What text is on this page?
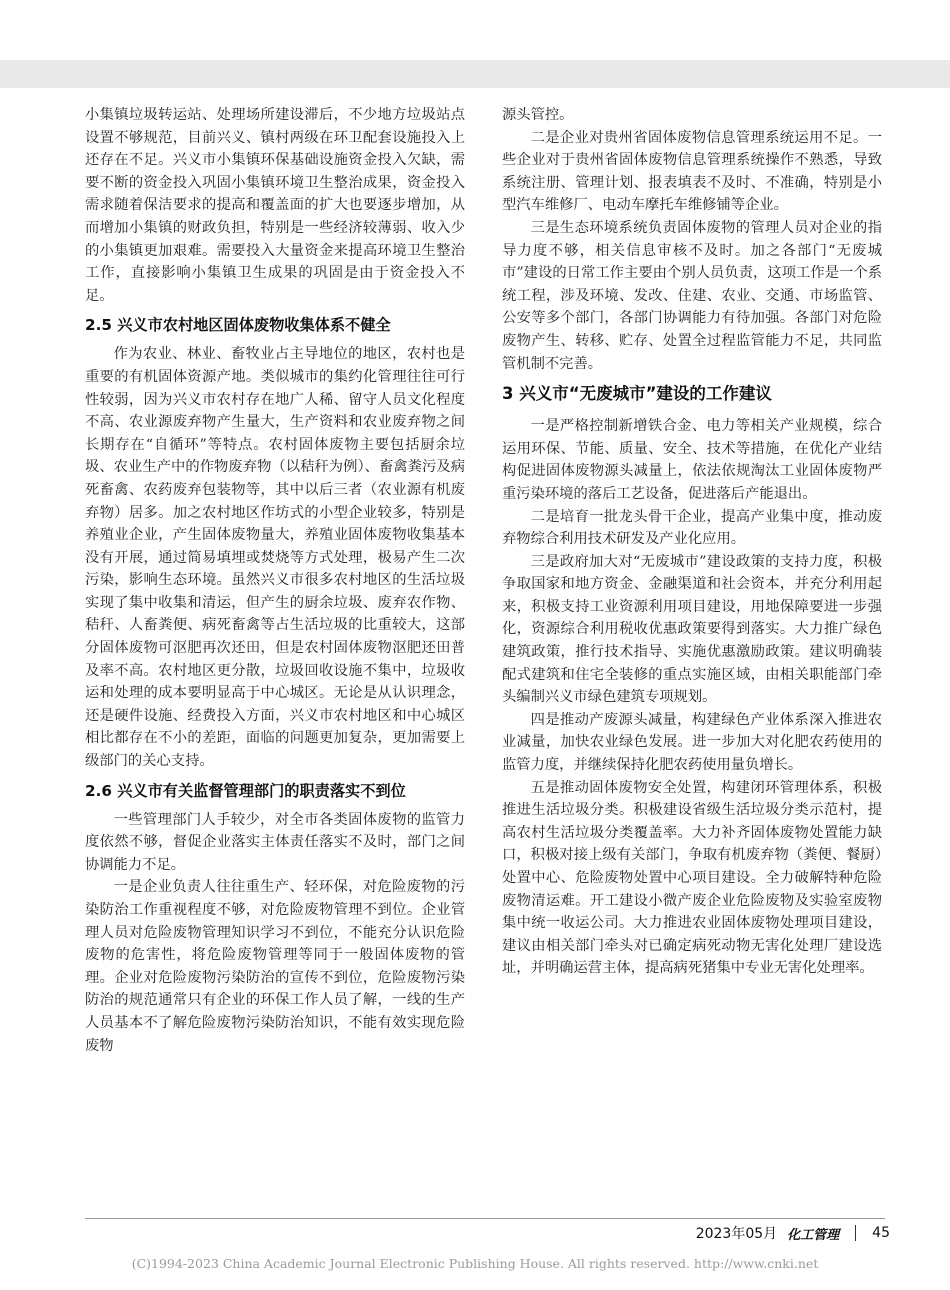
小集镇垃圾转运站、处理场所建设滞后，不少地方垃圾站点设置不够规范，目前兴义、镇村两级在环卫配套设施投入上还存在不足。兴义市小集镇环保基础设施资金投入欠缺，需要不断的资金投入巩固小集镇环境卫生整治成果，资金投入需求随着保洁要求的提高和覆盖面的扩大也要逐步增加，从而增加小集镇的财政负担，特别是一些经济较薄弱、收入少的小集镇更加艰难。需要投入大量资金来提高环境卫生整治工作，直接影响小集镇卫生成果的巩固是由于资金投入不足。

2.5 兴义市农村地区固体废物收集体系不健全

作为农业、林业、畜牧业占主导地位的地区，农村也是重要的有机固体资源产地。类似城市的集约化管理往往可行性较弱，因为兴义市农村存在地广人稀、留守人员文化程度不高、农业源废弃物产生量大，生产资料和农业废弃物之间长期存在“自循环”等特点。农村固体废物主要包括厨余垃圾、农业生产中的作物废弃物（以秸秆为例）、畜禽粪污及病死畜禽、农药废弃包装物等，其中以后三者（农业源有机废弃物）居多。加之农村地区作坊式的小型企业较多，特别是养殖业企业，产生固体废物量大，养殖业固体废物收集基本没有开展，通过简易填埋或焚烧等方式处理，极易产生二次污染，影响生态环境。虽然兴义市很多农村地区的生活垃圾实现了集中收集和清运，但产生的厨余垃圾、废弃农作物、秸秆、人畜粪便、病死畜禽等占生活垃圾的比重较大，这部分固体废物可沤肥再次还田，但是农村固体废物沤肥还田普及率不高。农村地区更分散，垃圾回收设施不集中，垃圾收运和处理的成本要明显高于中心城区。无论是从认识理念，还是硬件设施、经费投入方面，兴义市农村地区和中心城区相比都存在不小的差距，面临的问题更加复杂，更加需要上级部门的关心支持。

2.6 兴义市有关监督管理部门的职责落实不到位

一些管理部门人手较少，对全市各类固体废物的监管力度依然不够，督促企业落实主体责任落实不及时，部门之间协调能力不足。

一是企业负责人往往重生产、轻环保，对危险废物的污染防治工作重视程度不够，对危险废物管理不到位。企业管理人员对危险废物管理知识学习不到位，不能充分认识危险废物的危害性，将危险废物管理等同于一般固体废物的管理。企业对危险废物污染防治的宣传不到位，危险废物污染防治的规范通常只有企业的环保工作人员了解，一线的生产人员基本不了解危险废物污染防治知识，不能有效实现危险废物

源头管控。

二是企业对贵州省固体废物信息管理系统运用不足。一些企业对于贵州省固体废物信息管理系统操作不熟悉，导致系统注册、管理计划、报表填表不及时、不准确，特别是小型汽车维修厂、电动车摩托车维修铺等企业。

三是生态环境系统负责固体废物的管理人员对企业的指导力度不够，相关信息审核不及时。加之各部门“无废城市”建设的日常工作主要由个别人员负责，这项工作是一个系统工程，涉及环境、发改、住建、农业、交通、市场监管、公安等多个部门，各部门协调能力有待加强。各部门对危险废物产生、转移、贮存、处置全过程监管能力不足，共同监管机制不完善。

3 兴义市“无废城市”建设的工作建议

一是严格控制新增铁合金、电力等相关产业规模，综合运用环保、节能、质量、安全、技术等措施，在优化产业结构促进固体废物源头减量上，依法依规淘汰工业固体废物严重污染环境的落后工艺设备，促进落后产能退出。

二是培育一批龙头骨干企业，提高产业集中度，推动废弃物综合利用技术研发及产业化应用。

三是政府加大对“无废城市”建设政策的支持力度，积极争取国家和地方资金、金融渠道和社会资本，并充分利用起来，积极支持工业资源利用项目建设，用地保障要进一步强化，资源综合利用税收优惠政策要得到落实。大力推广绿色建筑政策，推行技术指导、实施优惠激励政策。建议明确装配式建筑和住宅全装修的重点实施区域，由相关职能部门牵头编制兴义市绿色建筑专项规划。

四是推动产废源头减量，构建绿色产业体系深入推进农业减量，加快农业绿色发展。进一步加大对化肥农药使用的监管力度，并继续保持化肥农药使用量负增长。

五是推动固体废物安全处置，构建闭环管理体系，积极推进生活垃圾分类。积极建设省级生活垃圾分类示范村，提高农村生活垃圾分类覆盖率。大力补齐固体废物处置能力缺口，积极对接上级有关部门，争取有机废弃物（粪便、餐厨）处置中心、危险废物处置中心项目建设。全力破解特种危险废物清运难。开工建设小微产废企业危险废物及实验室废物集中统一收运公司。大力推进农业固体废物处理项目建设，建议由相关部门牵头对已确定病死动物无害化处理厂建设选址，并明确运营主体，提高病死猪集中专业无害化处理率。

2023年05月 化工管理 45
(C)1994-2023 China Academic Journal Electronic Publishing House. All rights reserved. http://www.cnki.net
